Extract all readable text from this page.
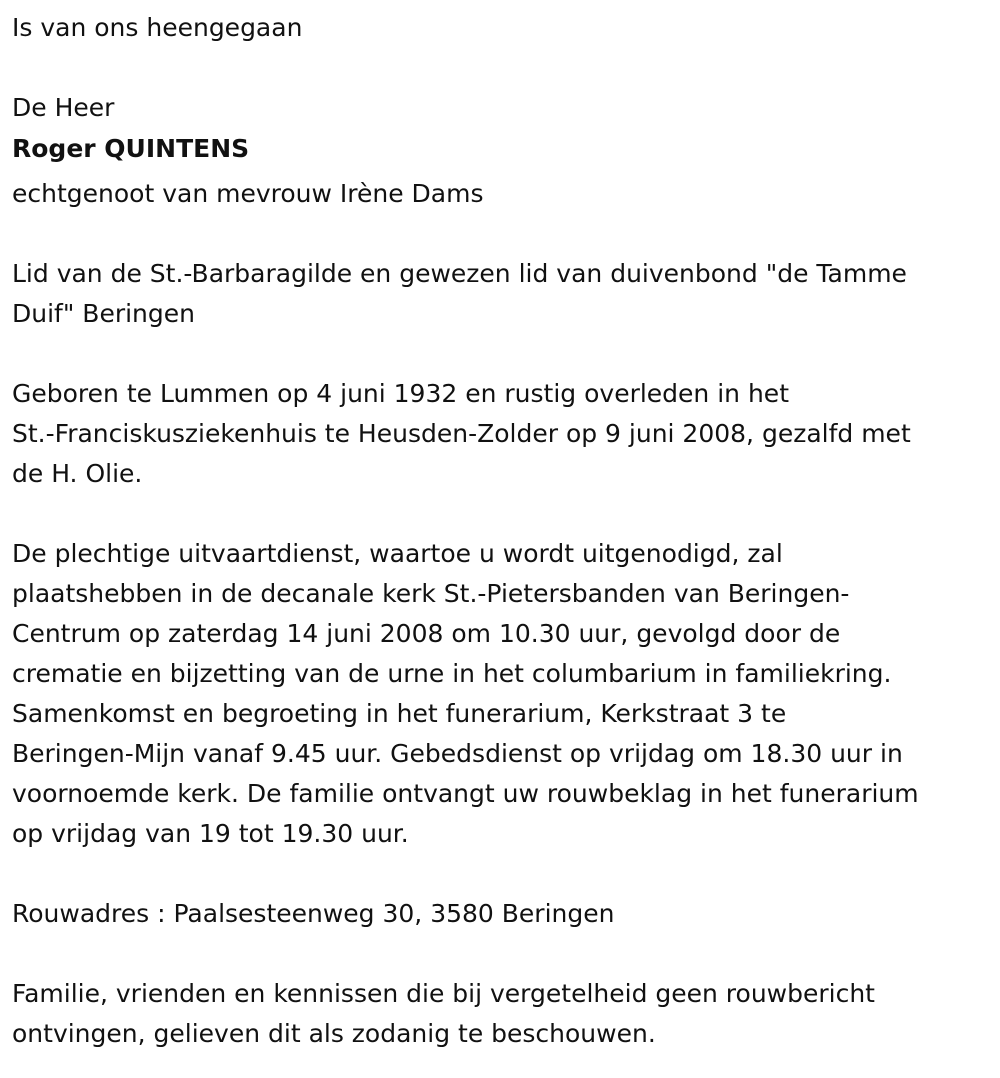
Is van ons heengegaan

De Heer

Roger QUINTENS

echtgenoot van mevrouw Irène Dams

Lid van de St.-Barbaragilde en gewezen lid van duivenbond "de Tamme
Duif" Beringen

Geboren te Lummen op 4 juni 1932 en rustig overleden in het
St.-Franciskusziekenhuis te Heusden-Zolder op 9 juni 2008, gezalfd met
de H. Olie.

De plechtige uitvaartdienst, waartoe u wordt uitgenodigd, zal
plaatshebben in de decanale kerk St.-Pietersbanden van Beringen-
Centrum op zaterdag 14 juni 2008 om 10.30 uur, gevolgd door de
crematie en bijzetting van de urne in het columbarium in familiekring.
Samenkomst en begroeting in het funerarium, Kerkstraat 3 te
Beringen-Mijn vanaf 9.45 uur. Gebedsdienst op vrijdag om 18.30 uur in
voornoemde kerk. De familie ontvangt uw rouwbeklag in het funerarium
op vrijdag van 19 tot 19.30 uur.

Rouwadres : Paalsesteenweg 30, 3580 Beringen

Familie, vrienden en kennissen die bij vergetelheid geen rouwbericht
ontvingen, gelieven dit als zodanig te beschouwen.
